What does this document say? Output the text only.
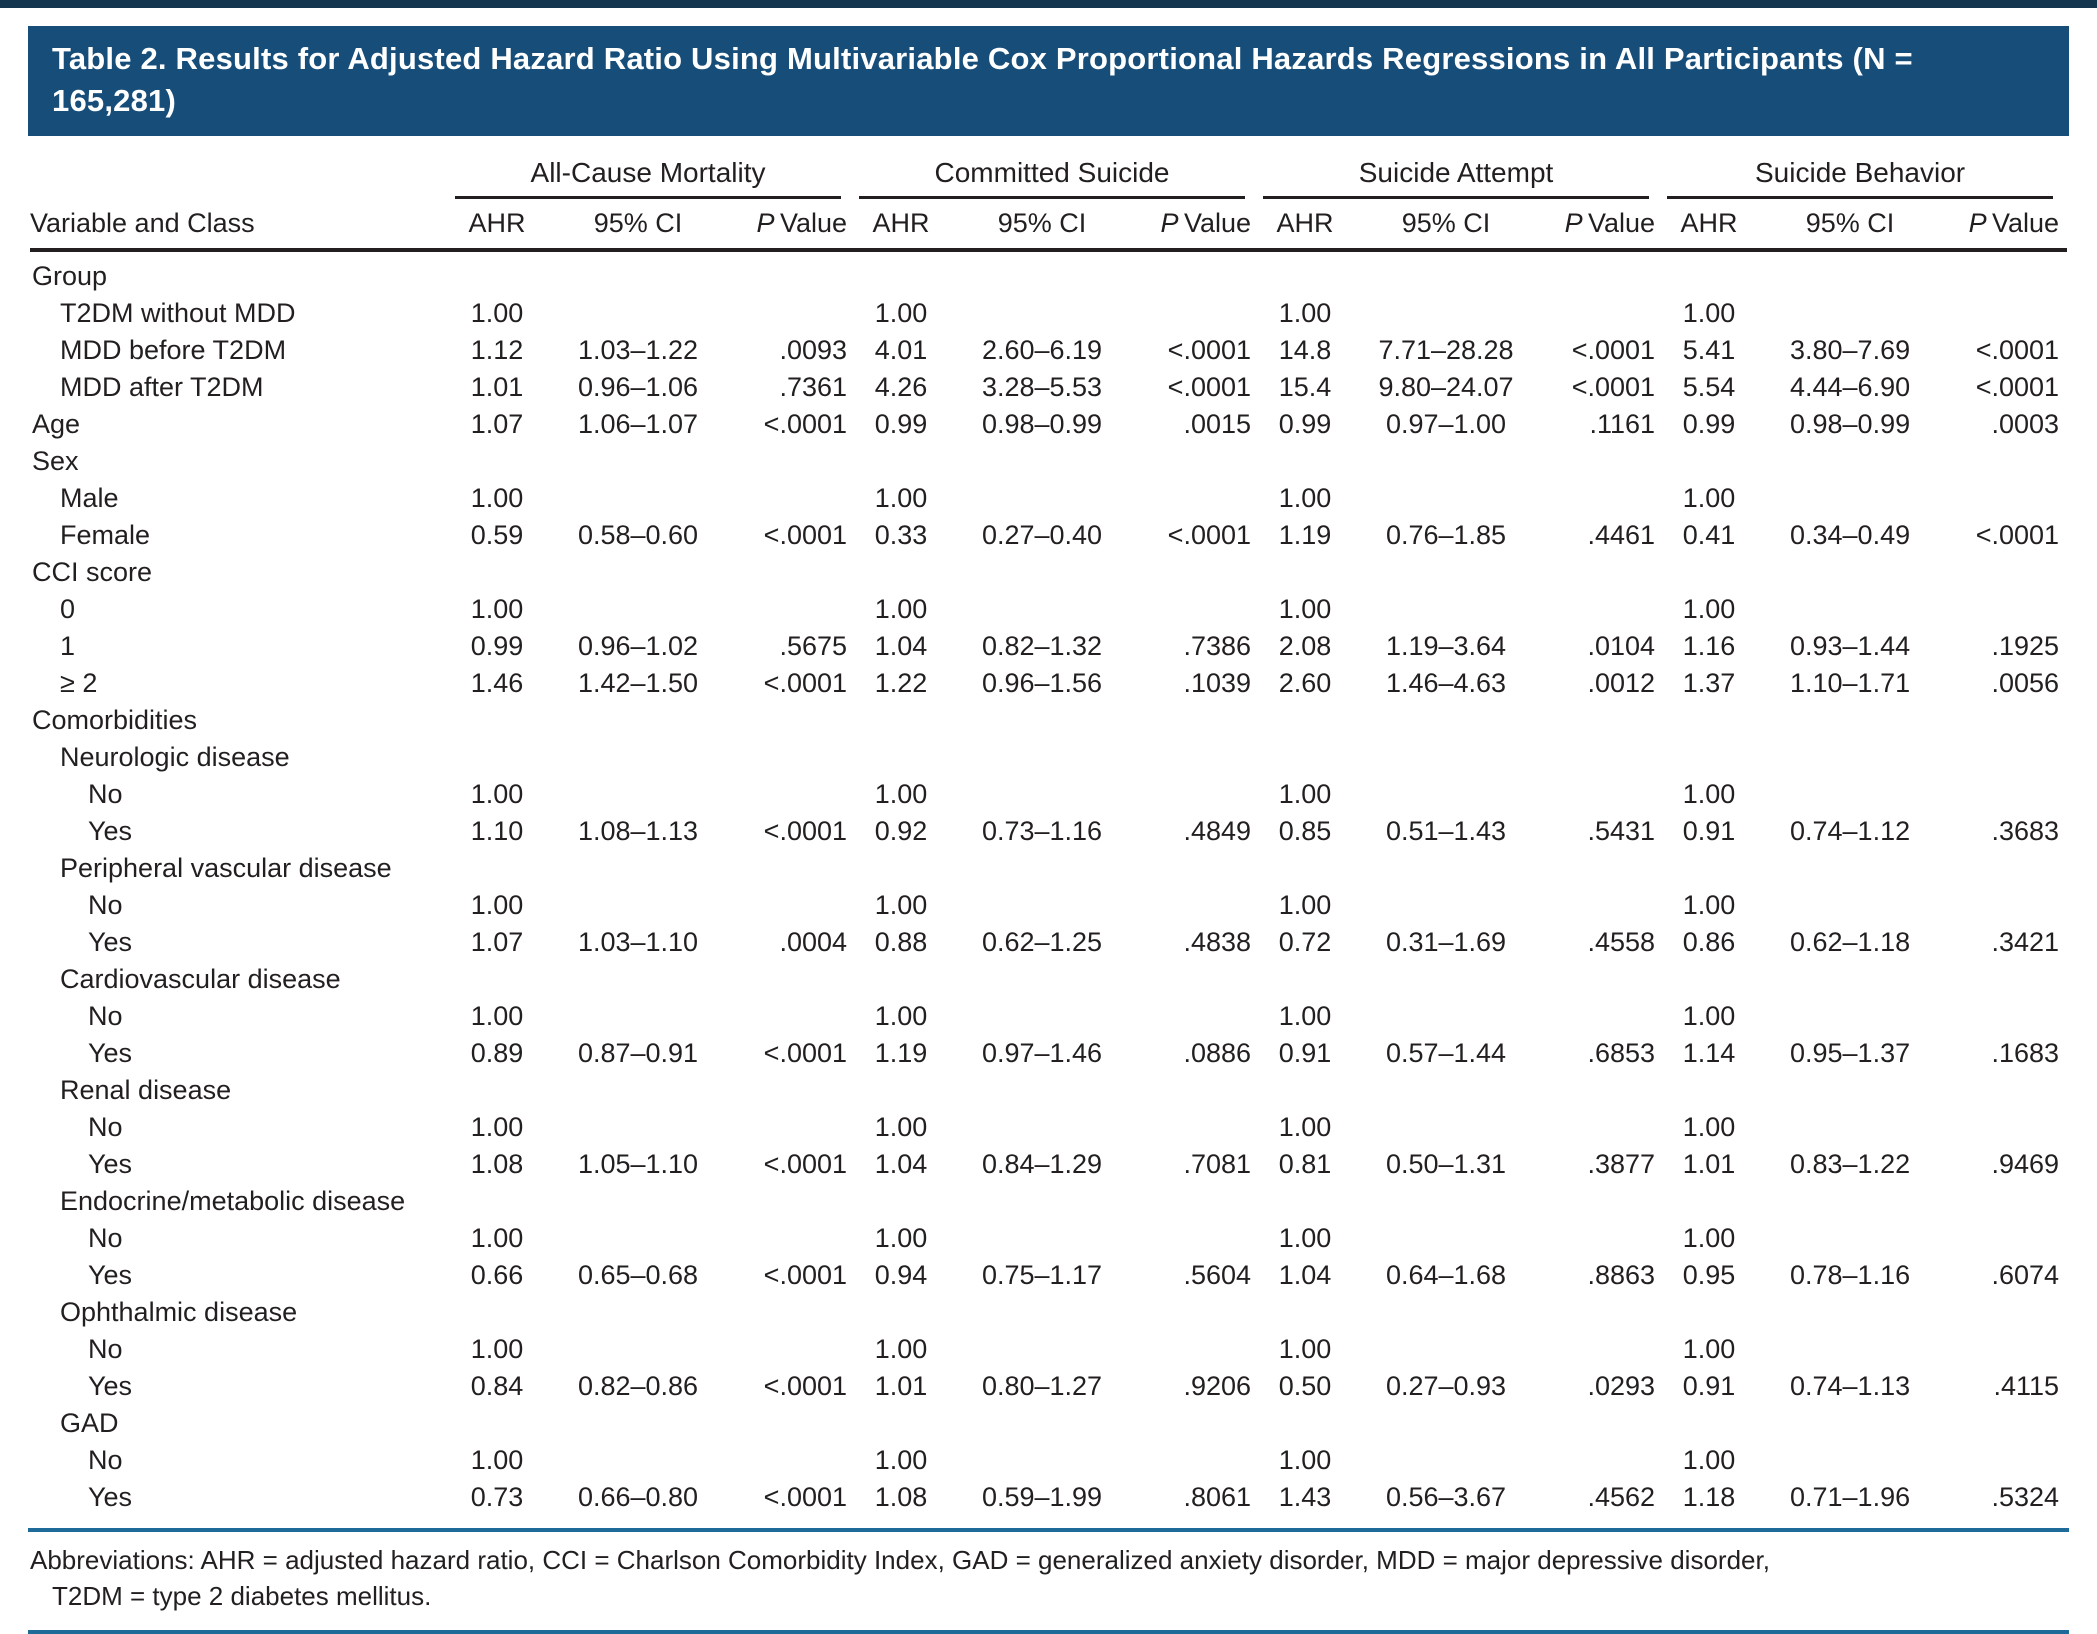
Table 2. Results for Adjusted Hazard Ratio Using Multivariable Cox Proportional Hazards Regressions in All Participants (N = 165,281)

	All-Cause Mortality			Committed Suicide			Suicide Attempt			Suicide Behavior		

Variable and Class	AHR	95% CI	P Value	AHR	95% CI	P Value	AHR	95% CI	P Value	AHR	95% CI	P Value
Group												
T2DM without MDD	1.00			1.00			1.00			1.00		
MDD before T2DM	1.12	1.03–1.22	.0093	4.01	2.60–6.19	<.0001	14.8	7.71–28.28	<.0001	5.41	3.80–7.69	<.0001
MDD after T2DM	1.01	0.96–1.06	.7361	4.26	3.28–5.53	<.0001	15.4	9.80–24.07	<.0001	5.54	4.44–6.90	<.0001
Age	1.07	1.06–1.07	<.0001	0.99	0.98–0.99	.0015	0.99	0.97–1.00	.1161	0.99	0.98–0.99	.0003
Sex												
Male	1.00			1.00			1.00			1.00		
Female	0.59	0.58–0.60	<.0001	0.33	0.27–0.40	<.0001	1.19	0.76–1.85	.4461	0.41	0.34–0.49	<.0001
CCI score												
0	1.00			1.00			1.00			1.00		
1	0.99	0.96–1.02	.5675	1.04	0.82–1.32	.7386	2.08	1.19–3.64	.0104	1.16	0.93–1.44	.1925
≥ 2	1.46	1.42–1.50	<.0001	1.22	0.96–1.56	.1039	2.60	1.46–4.63	.0012	1.37	1.10–1.71	.0056
Comorbidities												
Neurologic disease												
No	1.00			1.00			1.00			1.00		
Yes	1.10	1.08–1.13	<.0001	0.92	0.73–1.16	.4849	0.85	0.51–1.43	.5431	0.91	0.74–1.12	.3683
Peripheral vascular disease												
No	1.00			1.00			1.00			1.00		
Yes	1.07	1.03–1.10	.0004	0.88	0.62–1.25	.4838	0.72	0.31–1.69	.4558	0.86	0.62–1.18	.3421
Cardiovascular disease												
No	1.00			1.00			1.00			1.00		
Yes	0.89	0.87–0.91	<.0001	1.19	0.97–1.46	.0886	0.91	0.57–1.44	.6853	1.14	0.95–1.37	.1683
Renal disease												
No	1.00			1.00			1.00			1.00		
Yes	1.08	1.05–1.10	<.0001	1.04	0.84–1.29	.7081	0.81	0.50–1.31	.3877	1.01	0.83–1.22	.9469
Endocrine/metabolic disease												
No	1.00			1.00			1.00			1.00		
Yes	0.66	0.65–0.68	<.0001	0.94	0.75–1.17	.5604	1.04	0.64–1.68	.8863	0.95	0.78–1.16	.6074
Ophthalmic disease												
No	1.00			1.00			1.00			1.00		
Yes	0.84	0.82–0.86	<.0001	1.01	0.80–1.27	.9206	0.50	0.27–0.93	.0293	0.91	0.74–1.13	.4115
GAD												
No	1.00			1.00			1.00			1.00		
Yes	0.73	0.66–0.80	<.0001	1.08	0.59–1.99	.8061	1.43	0.56–3.67	.4562	1.18	0.71–1.96	.5324
Abbreviations: AHR = adjusted hazard ratio, CCI = Charlson Comorbidity Index, GAD = generalized anxiety disorder, MDD = major depressive disorder,
T2DM = type 2 diabetes mellitus.
